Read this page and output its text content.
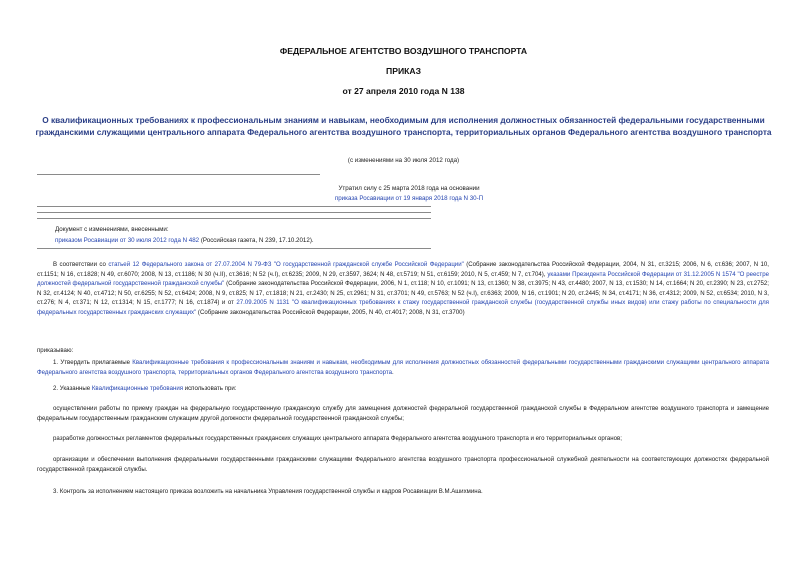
ФЕДЕРАЛЬНОЕ АГЕНТСТВО ВОЗДУШНОГО ТРАНСПОРТА
ПРИКАЗ
от 27 апреля 2010 года N 138
О квалификационных требованиях к профессиональным знаниям и навыкам, необходимым для исполнения должностных обязанностей федеральными государственными гражданскими служащими центрального аппарата Федерального агентства воздушного транспорта, территориальных органов Федерального агентства воздушного транспорта
(с изменениями на 30 июля 2012 года)
Утратил силу с 25 марта 2018 года на основании
приказа Росавиации от 19 января 2018 года N 30-П
Документ с изменениями, внесенными:
приказом Росавиации от 30 июля 2012 года N 482 (Российская газета, N 239, 17.10.2012).
В соответствии со статьей 12 Федерального закона от 27.07.2004 N 79-ФЗ "О государственной гражданской службе Российской Федерации" (Собрание законодательства Российской Федерации, 2004, N 31, ст.3215; 2006, N 6, ст.636; 2007, N 10, ст.1151; N 16, ст.1828; N 49, ст.6070; 2008, N 13, ст.1186; N 30 (ч.II), ст.3616; N 52 (ч.I), ст.6235; 2009, N 29, ст.3597, 3624; N 48, ст.5719; N 51, ст.6159; 2010, N 5, ст.459; N 7, ст.704), указами Президента Российской Федерации от 31.12.2005 N 1574 "О реестре должностей федеральной государственной гражданской службы" (Собрание законодательства Российской Федерации, 2006, N 1, ст.118; N 10, ст.1091; N 13, ст.1360; N 38, ст.3975; N 43, ст.4480; 2007, N 13, ст.1530; N 14, ст.1664; N 20, ст.2390; N 23, ст.2752; N 32, ст.4124; N 40, ст.4712; N 50, ст.6255; N 52, ст.6424; 2008, N 9, ст.825; N 17, ст.1818; N 21, ст.2430; N 25, ст.2961; N 31, ст.3701; N 49, ст.5763; N 52 (ч.I), ст.6363; 2009, N 16, ст.1901; N 20, ст.2445; N 34, ст.4171; N 36, ст.4312; 2009, N 52, ст.6534; 2010, N 3, ст.276; N 4, ст.371; N 12, ст.1314; N 15, ст.1777; N 16, ст.1874) и от 27.09.2005 N 1131 "О квалификационных требованиях к стажу государственной гражданской службы (государственной службы иных видов) или стажу работы по специальности для федеральных государственных гражданских служащих" (Собрание законодательства Российской Федерации, 2005, N 40, ст.4017; 2008, N 31, ст.3700)
приказываю:
1. Утвердить прилагаемые Квалификационные требования к профессиональным знаниям и навыкам, необходимым для исполнения должностных обязанностей федеральными государственными гражданскими служащими центрального аппарата Федерального агентства воздушного транспорта, территориальных органов Федерального агентства воздушного транспорта.
2. Указанные Квалификационные требования использовать при:
осуществлении работы по приему граждан на федеральную государственную гражданскую службу для замещения должностей федеральной государственной гражданской службы в Федеральном агентстве воздушного транспорта и замещение федеральным государственным гражданским служащим другой должности федеральной государственной гражданской службы;
разработке должностных регламентов федеральных государственных гражданских служащих центрального аппарата Федерального агентства воздушного транспорта и его территориальных органов;
организации и обеспечении выполнения федеральными государственными гражданскими служащими Федерального агентства воздушного транспорта профессиональной служебной деятельности на соответствующих должностях федеральной государственной гражданской службы.
3. Контроль за исполнением настоящего приказа возложить на начальника Управления государственной службы и кадров Росавиации В.М.Ашихмина.
